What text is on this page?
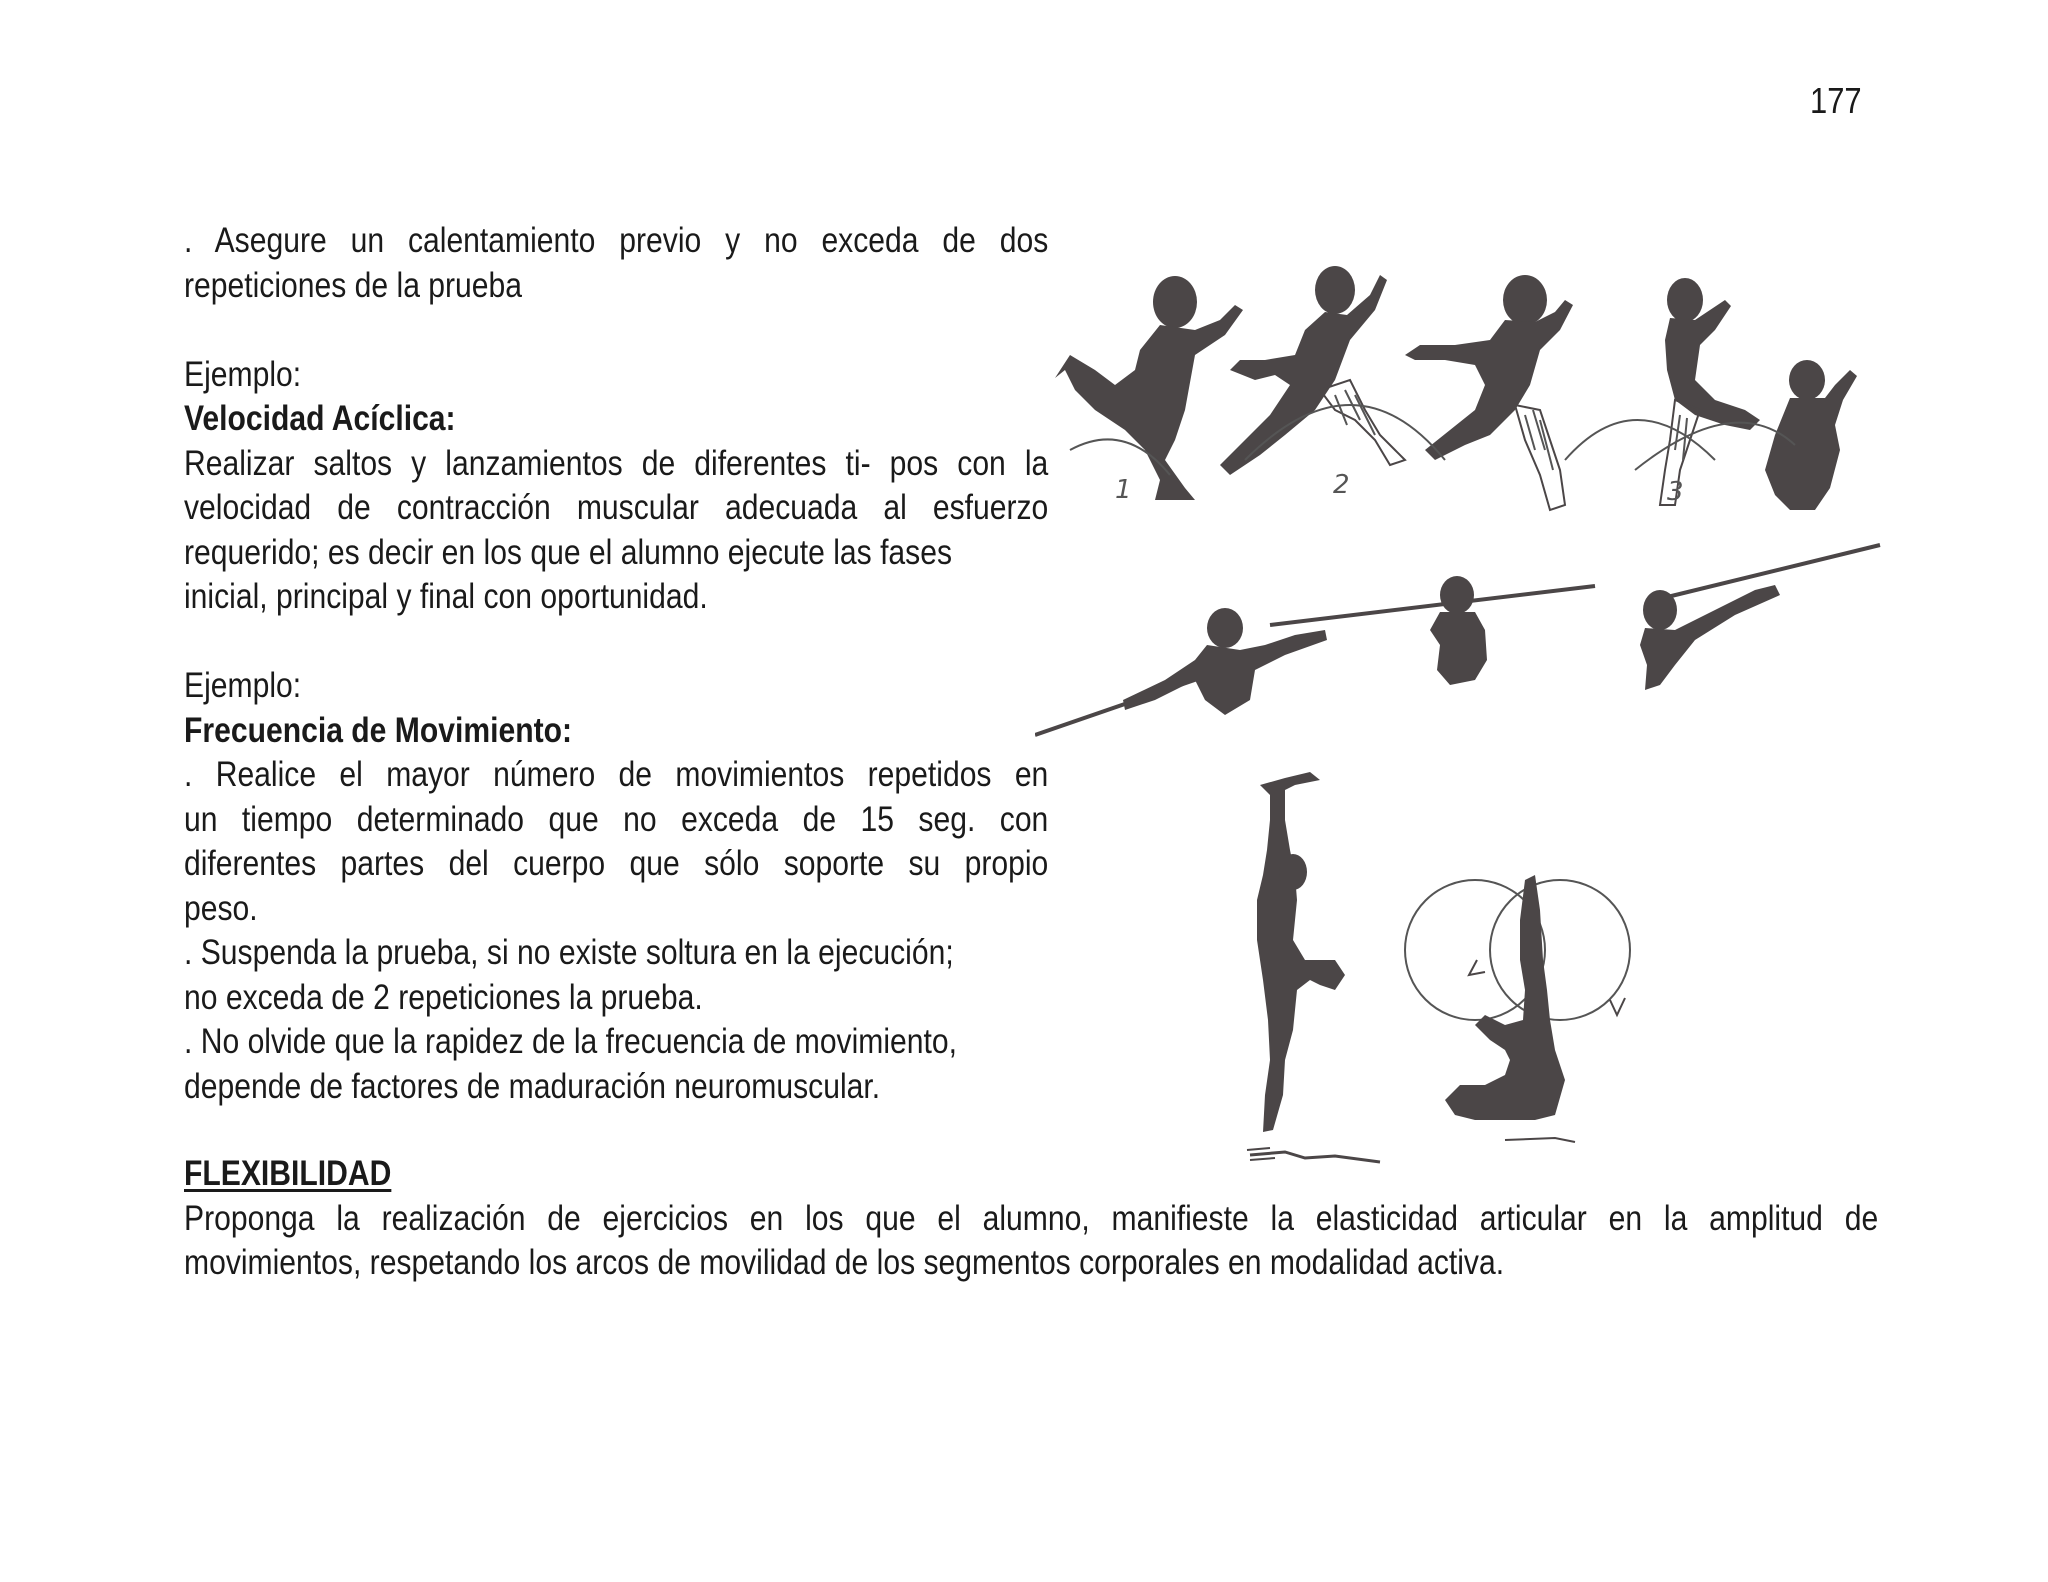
177

. Asegure un calentamiento previo y no exceda de dos

repeticiones de la prueba

Ejemplo:

Velocidad Acíclica:

Realizar saltos y lanzamientos de diferentes ti- pos con la

velocidad de contracción muscular adecuada al esfuerzo

requerido; es decir en los que el alumno ejecute las fases

inicial, principal y final con oportunidad.

Ejemplo:

Frecuencia de Movimiento:

. Realice el mayor número de movimientos repetidos en

un tiempo determinado que no exceda de 15 seg. con

diferentes partes del cuerpo que sólo soporte su propio

peso.

. Suspenda la prueba, si no existe soltura en la ejecución;

no exceda de 2 repeticiones la prueba.

. No olvide que la rapidez de la frecuencia de movimiento,

depende de factores de maduración neuromuscular.

FLEXIBILIDAD

Proponga la realización de ejercicios en los que el alumno, manifieste la elasticidad articular en la amplitud de

movimientos, respetando los arcos de movilidad de los segmentos corporales en modalidad activa.

1	2	3
